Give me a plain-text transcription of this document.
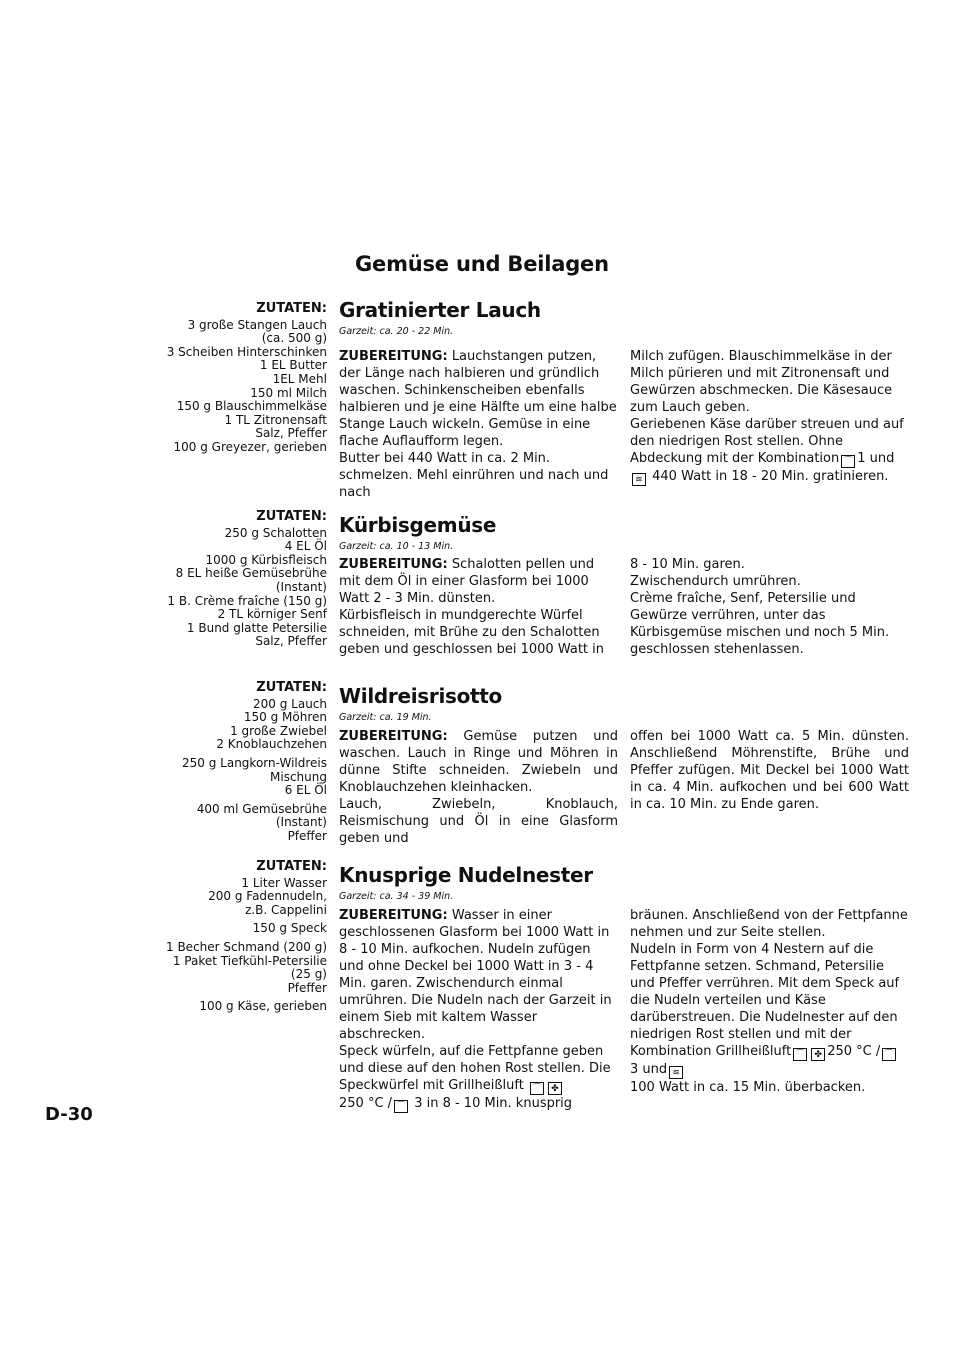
Gemüse und Beilagen
ZUTATEN:
3 große Stangen Lauch
(ca. 500 g)
3 Scheiben Hinterschinken
1 EL Butter
1EL Mehl
150 ml Milch
150 g Blauschimmelkäse
1 TL Zitronensaft
Salz, Pfeffer
100 g Greyezer, gerieben
Gratinierter Lauch
Garzeit: ca. 20 - 22 Min.

ZUBEREITUNG: Lauchstangen putzen, der Länge nach halbieren und gründlich waschen. Schinkenscheiben ebenfalls halbieren und je eine Hälfte um eine halbe Stange Lauch wickeln. Gemüse in eine flache Auflaufform legen.
Butter bei 440 Watt in ca. 2 Min. schmelzen. Mehl einrühren und nach und nach

Milch zufügen. Blauschimmelkäse in der Milch pürieren und mit Zitronensaft und Gewürzen abschmecken. Die Käsesauce zum Lauch geben.
Geriebenen Käse darüber streuen und auf den niedrigen Rost stellen. Ohne Abdeckung mit der Kombination ⌒ 1 und
≋ 440 Watt in 18 - 20 Min. gratinieren.

ZUTATEN:
250 g Schalotten
4 EL Öl
1000 g Kürbisfleisch
8 EL heiße Gemüsebrühe
(Instant)
1 B. Crème fraîche (150 g)
2 TL körniger Senf
1 Bund glatte Petersilie
Salz, Pfeffer
Kürbisgemüse
Garzeit: ca. 10 - 13 Min.

ZUBEREITUNG: Schalotten pellen und mit dem Öl in einer Glasform bei 1000 Watt 2 - 3 Min. dünsten.
Kürbisfleisch in mundgerechte Würfel schneiden, mit Brühe zu den Schalotten geben und geschlossen bei 1000 Watt in

8 - 10 Min. garen.
Zwischendurch umrühren.
Crème fraîche, Senf, Petersilie und Gewürze verrühren, unter das Kürbisgemüse mischen und noch 5 Min. geschlossen stehenlassen.

ZUTATEN:
200 g Lauch
150 g Möhren
1 große Zwiebel
2 Knoblauchzehen
250 g Langkorn-Wildreis
Mischung
6 EL Öl
400 ml Gemüsebrühe
(Instant)
Pfeffer
Wildreisrisotto
Garzeit: ca. 19 Min.

ZUBEREITUNG: Gemüse putzen und waschen. Lauch in Ringe und Möhren in dünne Stifte schneiden. Zwiebeln und Knoblauchzehen kleinhacken.
Lauch, Zwiebeln, Knoblauch, Reismischung und Öl in eine Glasform geben und

offen bei 1000 Watt ca. 5 Min. dünsten. Anschließend Möhrenstifte, Brühe und Pfeffer zufügen. Mit Deckel bei 1000 Watt in ca. 4 Min. aufkochen und bei 600 Watt in ca. 10 Min. zu Ende garen.

ZUTATEN:
1 Liter Wasser
200 g Fadennudeln,
z.B. Cappelini
150 g Speck
1 Becher Schmand (200 g)
1 Paket Tiefkühl-Petersilie
(25 g)
Pfeffer
100 g Käse, gerieben
Knusprige Nudelnester
Garzeit: ca. 34 - 39 Min.

ZUBEREITUNG: Wasser in einer geschlossenen Glasform bei 1000 Watt in 8 - 10 Min. aufkochen. Nudeln zufügen und ohne Deckel bei 1000 Watt in 3 - 4 Min. garen. Zwischendurch einmal umrühren. Die Nudeln nach der Garzeit in einem Sieb mit kaltem Wasser abschrecken.
Speck würfeln, auf die Fettpfanne geben und diese auf den hohen Rost stellen. Die Speckwürfel mit Grillheißluft ⌒ ✤
250 °C / ⌒ 3 in 8 - 10 Min. knusprig

bräunen. Anschließend von der Fettpfanne nehmen und zur Seite stellen.
Nudeln in Form von 4 Nestern auf die Fettpfanne setzen. Schmand, Petersilie und Pfeffer verrühren. Mit dem Speck auf die Nudeln verteilen und Käse darüberstreuen. Die Nudelnester auf den niedrigen Rost stellen und mit der Kombination Grillheißluft ⌒ ✤ 250 °C / ⌒ 3 und ≋
100 Watt in ca. 15 Min. überbacken.

D-30
